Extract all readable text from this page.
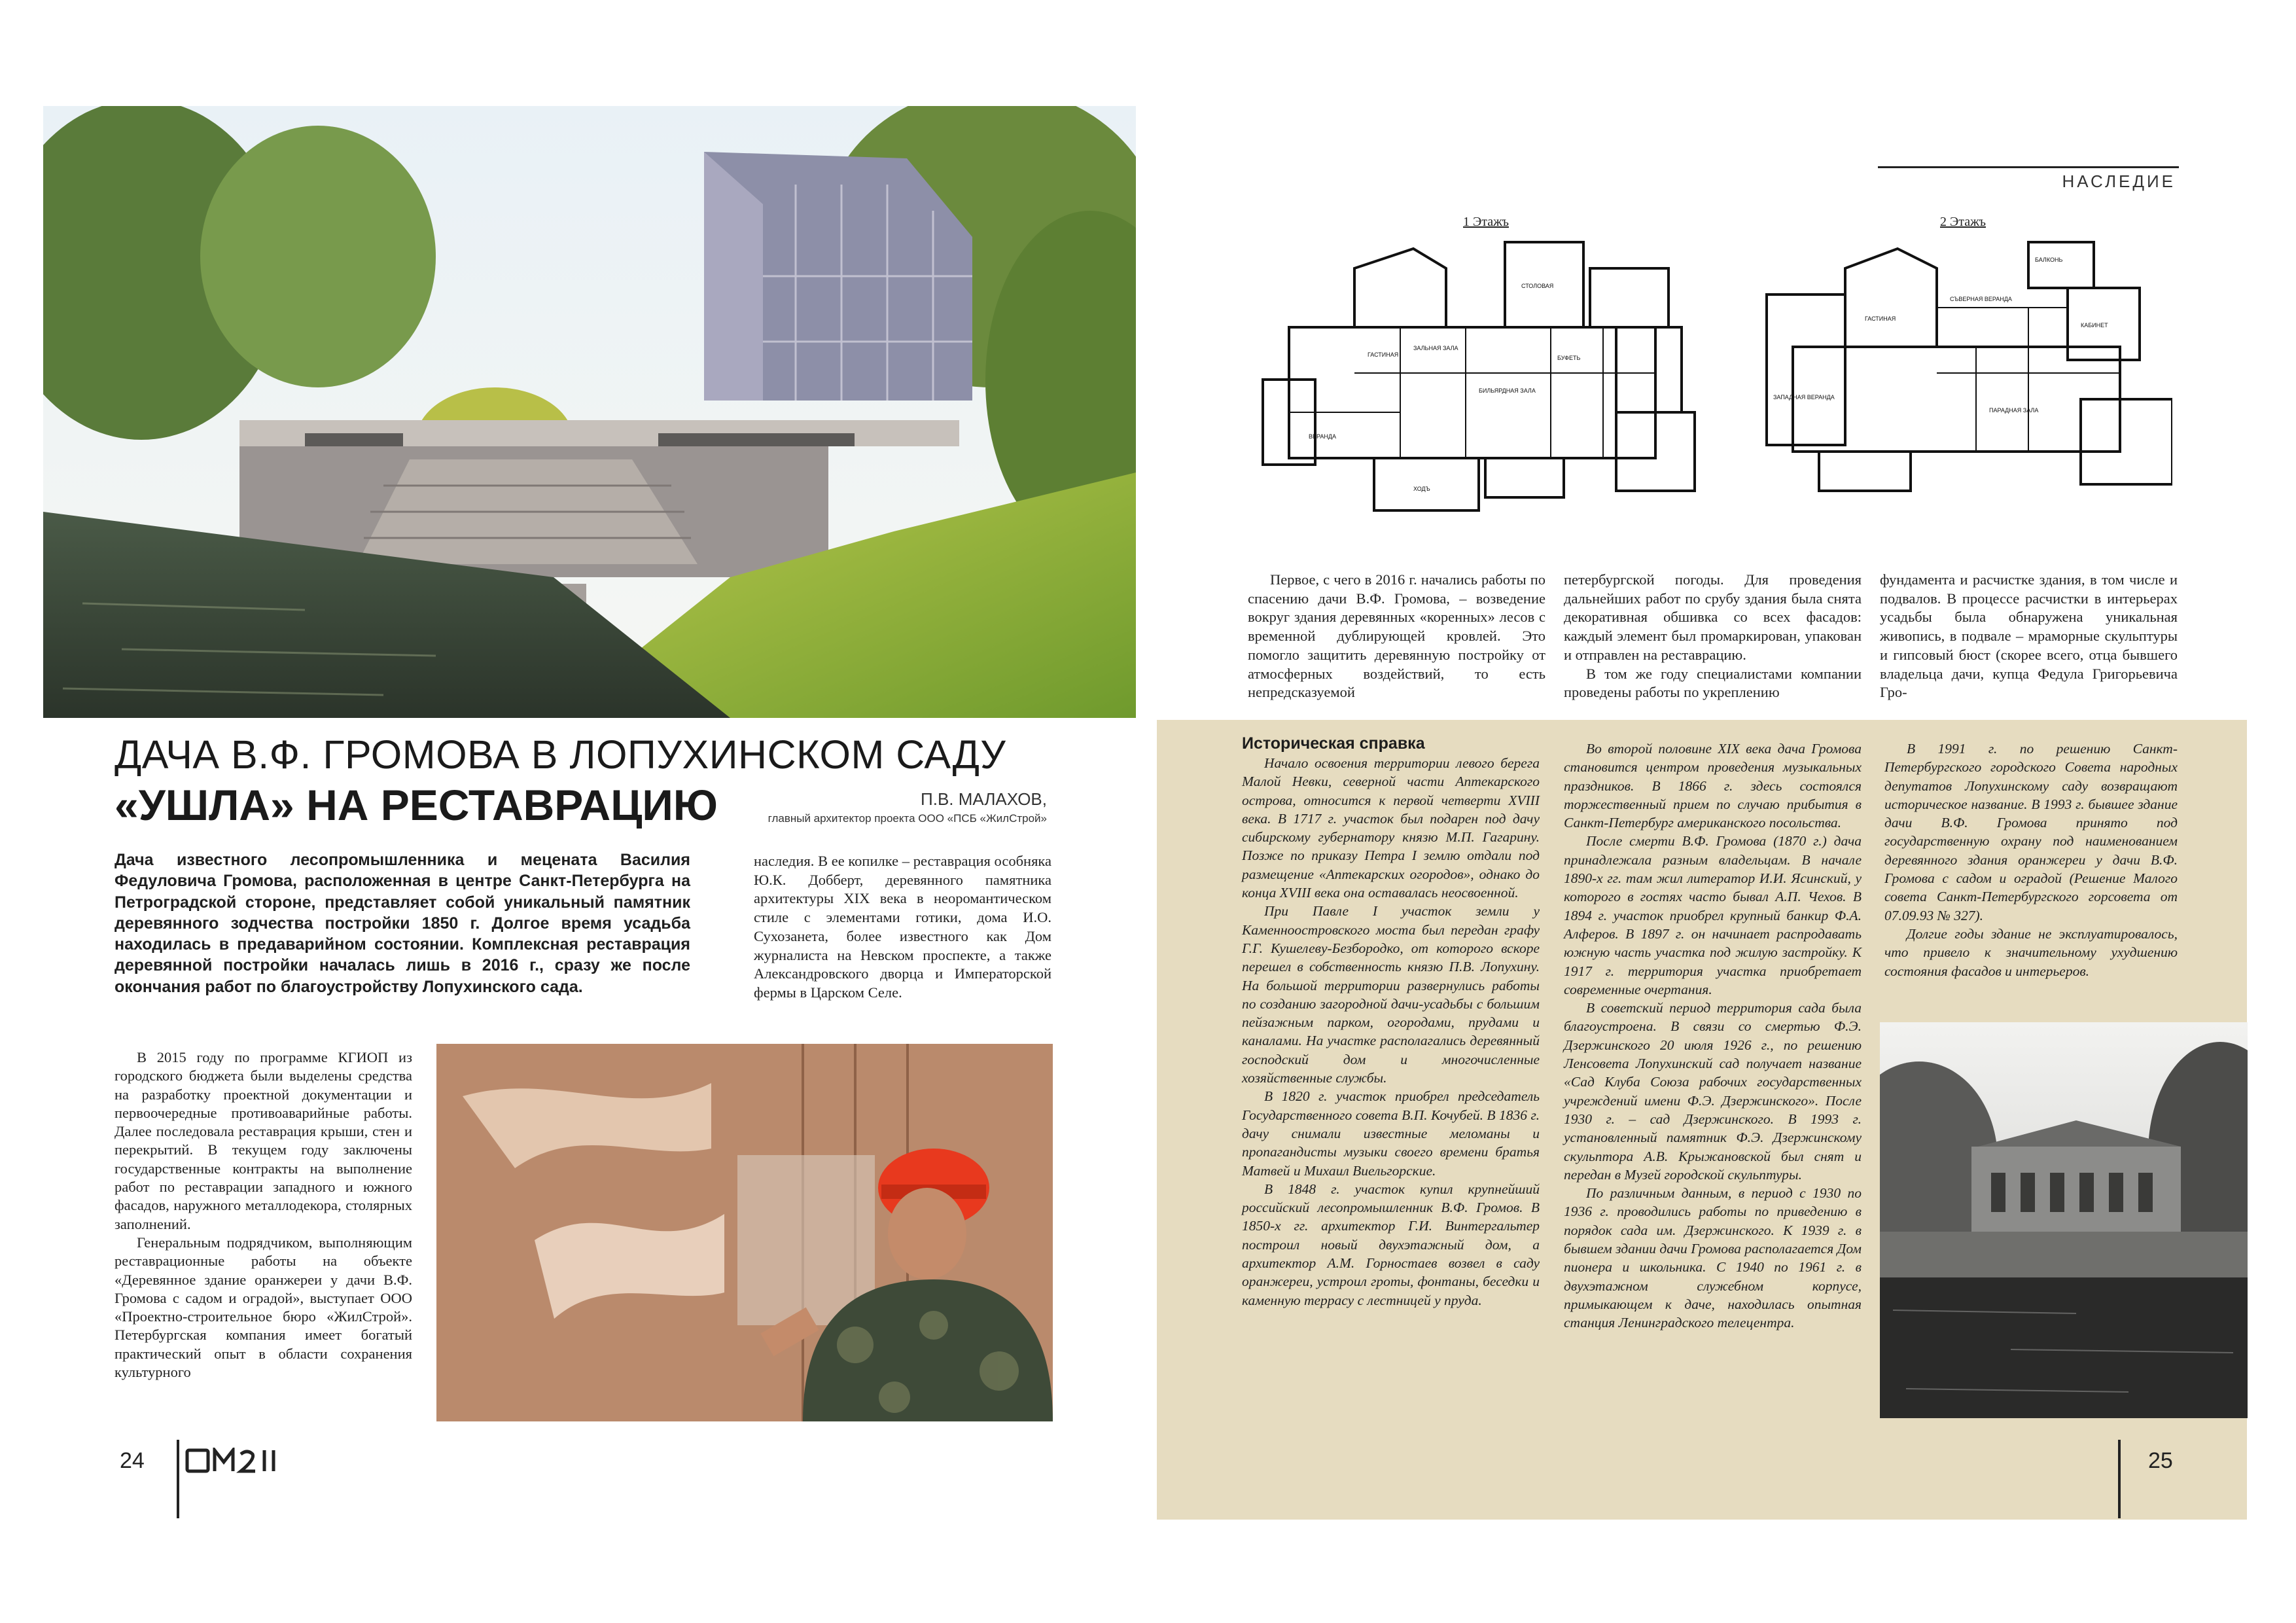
ДАЧА В.Ф. ГРОМОВА В ЛОПУХИНСКОМ САДУ
«УШЛА» НА РЕСТАВРАЦИЮ	П.В. МАЛАХОВ,
главный архитектор проекта ООО «ПСБ «ЖилСтрой»
Дача известного лесопромышленника и мецената Василия Федуловича Громова, расположенная в центре Санкт-Петербурга на Петроградской стороне, представляет собой уникальный памятник деревянного зодчества постройки 1850 г. Долгое время усадьба находилась в предаварийном состоянии. Комплексная реставрация деревянной постройки началась лишь в 2016 г., сразу же после окончания работ по благоустройству Лопухинского сада.

наследия. В ее копилке – реставрация особняка Ю.К. Добберт, деревянного памятника архитектуры XIX века в неоромантическом стиле с элементами готики, дома И.О. Сухозанета, более известного как Дом журналиста на Невском проспекте, а также Александровского дворца и Императорской фермы в Царском Селе.

В 2015 году по программе КГИОП из городского бюджета были выделены средства на разработку проектной документации и первоочередные противоаварийные работы. Далее последовала реставрация крыши, стен и перекрытий. В текущем году заключены государственные контракты на выполнение работ по реставрации западного и южного фасадов, наружного металлодекора, столярных заполнений.

Генеральным подрядчиком, выполняющим реставрационные работы на объекте «Деревянное здание оранжереи у дачи В.Ф. Громова с садом и оградой», выступает ООО «Проектно-строительное бюро «ЖилСтрой». Петербургская компания имеет богатый практический опыт в области сохранения культурного

24
НАСЛЕДИЕ
1 Этажъ
ГАСТИНАЯ
ЗАЛЬНАЯ ЗАЛА
БИЛЬЯРДНАЯ ЗАЛА
СТОЛОВАЯ
БУФЕТЬ
ВЕРАНДА
ХОДЪ
2 Этажъ
ГАСТИНАЯ
СЪВЕРНАЯ ВЕРАНДА
КАБИНЕТ
БАЛКОНЬ
ПАРАДНАЯ ЗАЛА
ЗАПАДНАЯ ВЕРАНДА

Первое, с чего в 2016 г. начались работы по спасению дачи В.Ф. Громова, – возведение вокруг здания деревянных «коренных» лесов с временной дублирующей кровлей. Это помогло защитить деревянную постройку от атмосферных воздействий, то есть непредсказуемой

петербургской погоды. Для проведения дальнейших работ по срубу здания была снята декоративная обшивка со всех фасадов: каждый элемент был промаркирован, упакован и отправлен на реставрацию.

В том же году специалистами компании проведены работы по укреплению

фундамента и расчистке здания, в том числе и подвалов. В процессе расчистки в интерьерах усадьбы была обнаружена уникальная живопись, в подвале – мраморные скульптуры и гипсовый бюст (скорее всего, отца бывшего владельца дачи, купца Федула Григорьевича Гро-

Историческая справка

Начало освоения территории левого берега Малой Невки, северной части Аптекарского острова, относится к первой четверти XVIII века. В 1717 г. участок был подарен под дачу сибирскому губернатору князю М.П. Гагарину. Позже по приказу Петра I землю отдали под размещение «Аптекарских огородов», однако до конца XVIII века она оставалась неосвоенной.

При Павле I участок земли у Каменноостровского моста был передан графу Г.Г. Кушелеву-Безбородко, от которого вскоре перешел в собственность князю П.В. Лопухину. На большой территории развернулись работы по созданию загородной дачи-усадьбы с большим пейзажным парком, огородами, прудами и каналами. На участке располагались деревянный господский дом и многочисленные хозяйственные службы.

В 1820 г. участок приобрел председатель Государственного совета В.П. Кочубей. В 1836 г. дачу снимали известные меломаны и пропагандисты музыки своего времени братья Матвей и Михаил Виельгорские.

В 1848 г. участок купил крупнейший российский лесопромышленник В.Ф. Громов. В 1850-х гг. архитектор Г.И. Винтергальтер построил новый двухэтажный дом, а архитектор А.М. Горностаев возвел в саду оранжереи, устроил гроты, фонтаны, беседки и каменную террасу с лестницей у пруда.

Во второй половине XIX века дача Громова становится центром проведения музыкальных праздников. В 1866 г. здесь состоялся торжественный прием по случаю прибытия в Санкт-Петербург американского посольства.

После смерти В.Ф. Громова (1870 г.) дача принадлежала разным владельцам. В начале 1890-х гг. там жил литератор И.И. Ясинский, у которого в гостях часто бывал А.П. Чехов. В 1894 г. участок приобрел крупный банкир Ф.А. Алферов. В 1897 г. он начинает распродавать южную часть участка под жилую застройку. К 1917 г. территория участка приобретает современные очертания.

В советский период территория сада была благоустроена. В связи со смертью Ф.Э. Дзержинского 20 июля 1926 г., по решению Ленсовета Лопухинский сад получает название «Сад Клуба Союза рабочих государственных учреждений имени Ф.Э. Дзержинского». После 1930 г. – сад Дзержинского. В 1993 г. установленный памятник Ф.Э. Дзержинскому скульптора А.В. Крыжановской был снят и передан в Музей городской скульптуры.

По различным данным, в период с 1930 по 1936 г. проводились работы по приведению в порядок сада им. Дзержинского. К 1939 г. в бывшем здании дачи Громова располагается Дом пионера и школьника. С 1940 по 1961 г. в двухэтажном служебном корпусе, примыкающем к даче, находилась опытная станция Ленинградского телецентра.

В 1991 г. по решению Санкт-Петербургского городского Совета народных депутатов Лопухинскому саду возвращают историческое название. В 1993 г. бывшее здание дачи В.Ф. Громова принято под государственную охрану под наименованием деревянного здания оранжереи у дачи В.Ф. Громова с садом и оградой (Решение Малого совета Санкт-Петербургского горсовета от 07.09.93 № 327).

Долгие годы здание не эксплуатировалось, что привело к значительному ухудшению состояния фасадов и интерьеров.

25
